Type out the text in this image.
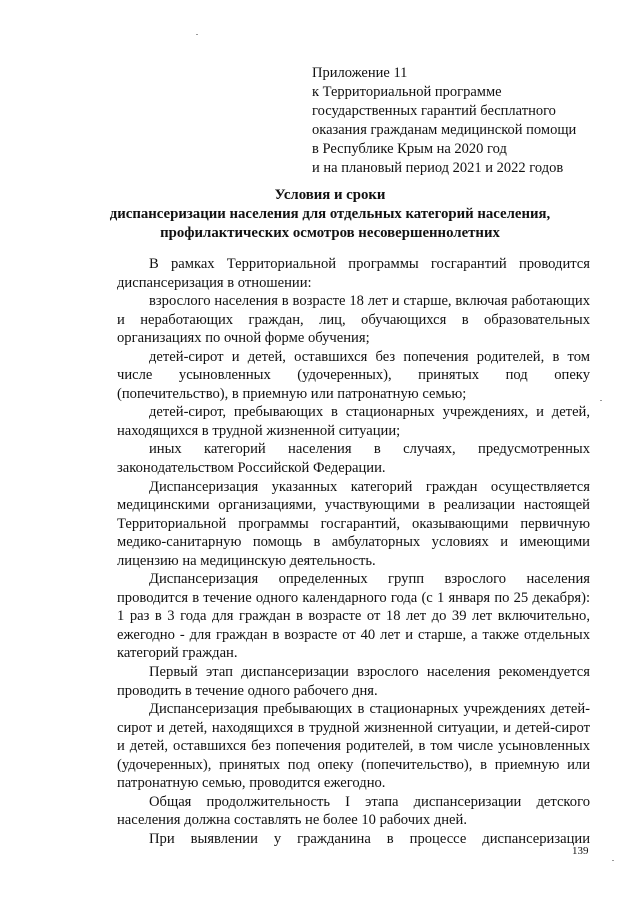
Приложение 11
к Территориальной программе
государственных гарантий бесплатного
оказания гражданам медицинской помощи
в Республике Крым на 2020 год
и на плановый период 2021 и 2022 годов
Условия и сроки
диспансеризации населения для отдельных категорий населения,
профилактических осмотров несовершеннолетних

В рамках Территориальной программы госгарантий проводится диспансеризация в отношении:

взрослого населения в возрасте 18 лет и старше, включая работающих и неработающих граждан, лиц, обучающихся в образовательных организациях по очной форме обучения;

детей-сирот и детей, оставшихся без попечения родителей, в том числе усыновленных (удочеренных), принятых под опеку (попечительство), в приемную или патронатную семью;

детей-сирот, пребывающих в стационарных учреждениях, и детей, находящихся в трудной жизненной ситуации;

иных категорий населения в случаях, предусмотренных законодательством Российской Федерации.

Диспансеризация указанных категорий граждан осуществляется медицинскими организациями, участвующими в реализации настоящей Территориальной программы госгарантий, оказывающими первичную медико-санитарную помощь в амбулаторных условиях и имеющими лицензию на медицинскую деятельность.

Диспансеризация определенных групп взрослого населения проводится в течение одного календарного года (с 1 января по 25 декабря): 1 раз в 3 года для граждан в возрасте от 18 лет до 39 лет включительно, ежегодно - для граждан в возрасте от 40 лет и старше, а также отдельных категорий граждан.

Первый этап диспансеризации взрослого населения рекомендуется проводить в течение одного рабочего дня.

Диспансеризация пребывающих в стационарных учреждениях детей-сирот и детей, находящихся в трудной жизненной ситуации, и детей-сирот и детей, оставшихся без попечения родителей, в том числе усыновленных (удочеренных), принятых под опеку (попечительство), в приемную или патронатную семью, проводится ежегодно.

Общая продолжительность I этапа диспансеризации детского населения должна составлять не более 10 рабочих дней.

При выявлении у гражданина в процессе диспансеризации

139
